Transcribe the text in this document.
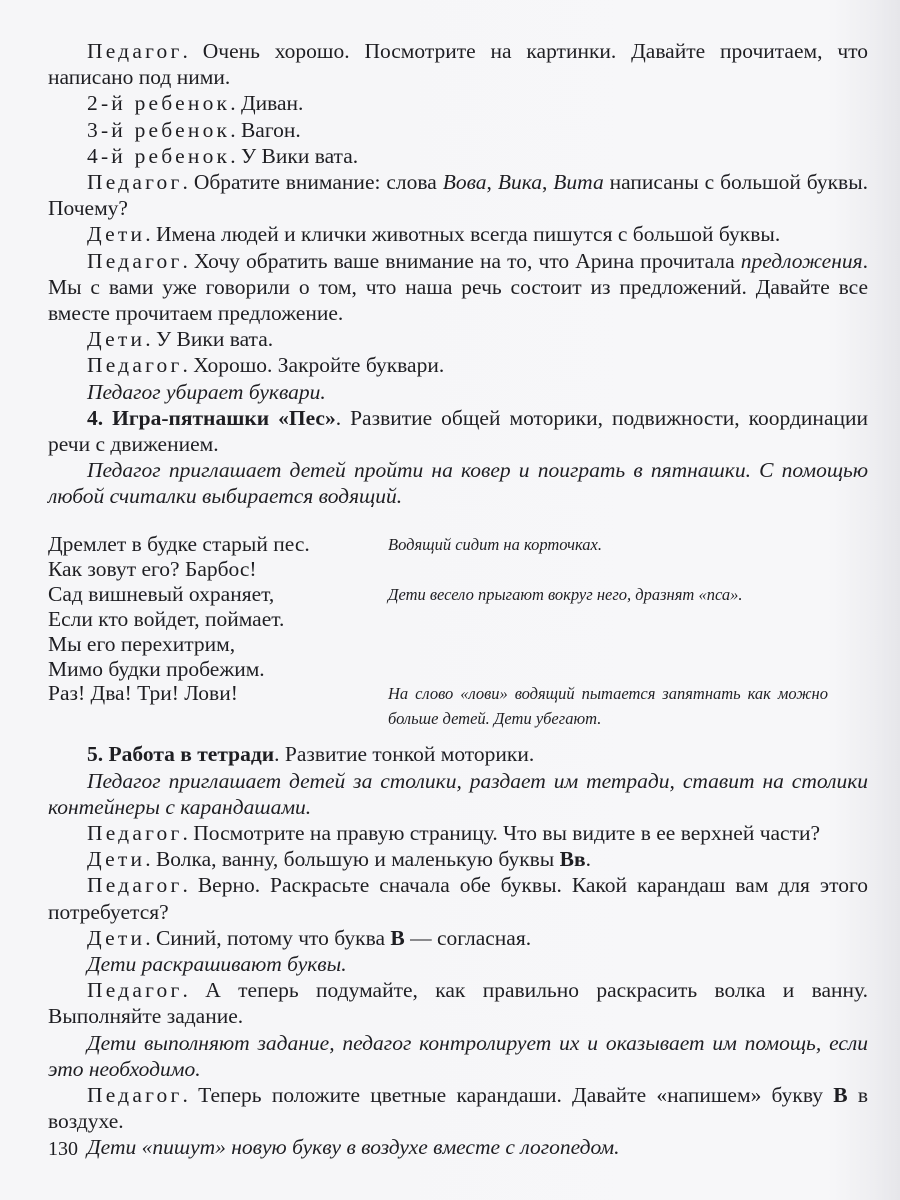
Педагог. Очень хорошо. Посмотрите на картинки. Давайте прочитаем, что написано под ними.

2-й ребенок. Диван.

3-й ребенок. Вагон.

4-й ребенок. У Вики вата.

Педагог. Обратите внимание: слова Вова, Вика, Вита написаны с большой буквы. Почему?

Дети. Имена людей и клички животных всегда пишутся с большой буквы.

Педагог. Хочу обратить ваше внимание на то, что Арина прочитала предложения. Мы с вами уже говорили о том, что наша речь состоит из предложений. Давайте все вместе прочитаем предложение.

Дети. У Вики вата.

Педагог. Хорошо. Закройте буквари.

Педагог убирает буквари.

4. Игра-пятнашки «Пес». Развитие общей моторики, подвижности, координации речи с движением.

Педагог приглашает детей пройти на ковер и поиграть в пятнашки. С помощью любой считалки выбирается водящий.

Дремлет в будке старый пес.	Водящий сидит на корточках.
Как зовут его? Барбос!
Сад вишневый охраняет,	Дети весело прыгают вокруг него, дразнят «пса».
Если кто войдет, поймает.
Мы его перехитрим,
Мимо будки пробежим.
Раз! Два! Три! Лови!	На слово «лови» водящий пытается запятнать как можно больше детей. Дети убегают.

5. Работа в тетради. Развитие тонкой моторики.

Педагог приглашает детей за столики, раздает им тетради, ставит на столики контейнеры с карандашами.

Педагог. Посмотрите на правую страницу. Что вы видите в ее верхней части?

Дети. Волка, ванну, большую и маленькую буквы Вв.

Педагог. Верно. Раскрасьте сначала обе буквы. Какой карандаш вам для этого потребуется?

Дети. Синий, потому что буква В — согласная.

Дети раскрашивают буквы.

Педагог. А теперь подумайте, как правильно раскрасить волка и ванну. Выполняйте задание.

Дети выполняют задание, педагог контролирует их и оказывает им помощь, если это необходимо.

Педагог. Теперь положите цветные карандаши. Давайте «напишем» букву В в воздухе.

Дети «пишут» новую букву в воздухе вместе с логопедом.

130
